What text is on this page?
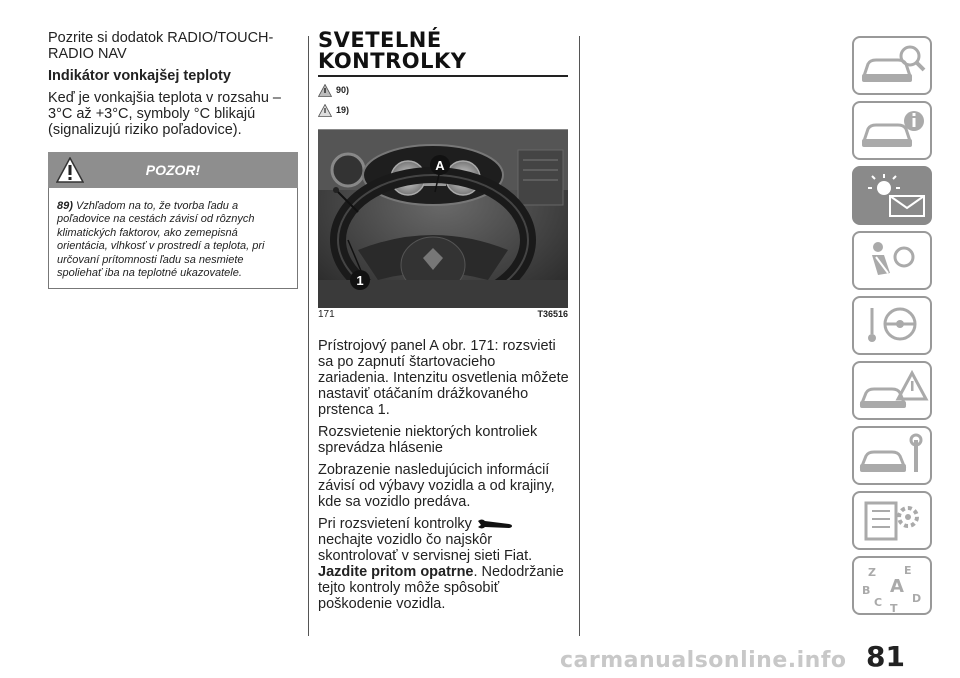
Pozrite si dodatok RADIO/TOUCH-RADIO NAV

Indikátor vonkajšej teploty

Keď je vonkajšia teplota v rozsahu –3°C až +3°C, symboly °C blikajú (signalizujú riziko poľadovice).

POZOR!
89) Vzhľadom na to, že tvorba ľadu a poľadovice na cestách závisí od rôznych klimatických faktorov, ako zemepisná orientácia, vlhkosť v prostredí a teplota, pri určovaní prítomnosti ľadu sa nesmiete spoliehať iba na teplotné ukazovatele.
SVETELNÉ
KONTROLKY
90)
19)
A
1
171	T36516

Prístrojový panel A obr. 171: rozsvieti sa po zapnutí štartovacieho zariadenia. Intenzitu osvetlenia môžete nastaviť otáčaním drážkovaného prstenca 1.

Rozsvietenie niektorých kontroliek sprevádza hlásenie

Zobrazenie nasledujúcich informácií závisí od výbavy vozidla a od krajiny, kde sa vozidlo predáva.

Pri rozsvietení kontrolky  nechajte vozidlo čo najskôr skontrolovať v servisnej sieti Fiat. Jazdite pritom opatrne. Nedodržanie tejto kontroly môže spôsobiť poškodenie vozidla.

Z	E
B A
C	D
T
carmanualsonline.info 81
